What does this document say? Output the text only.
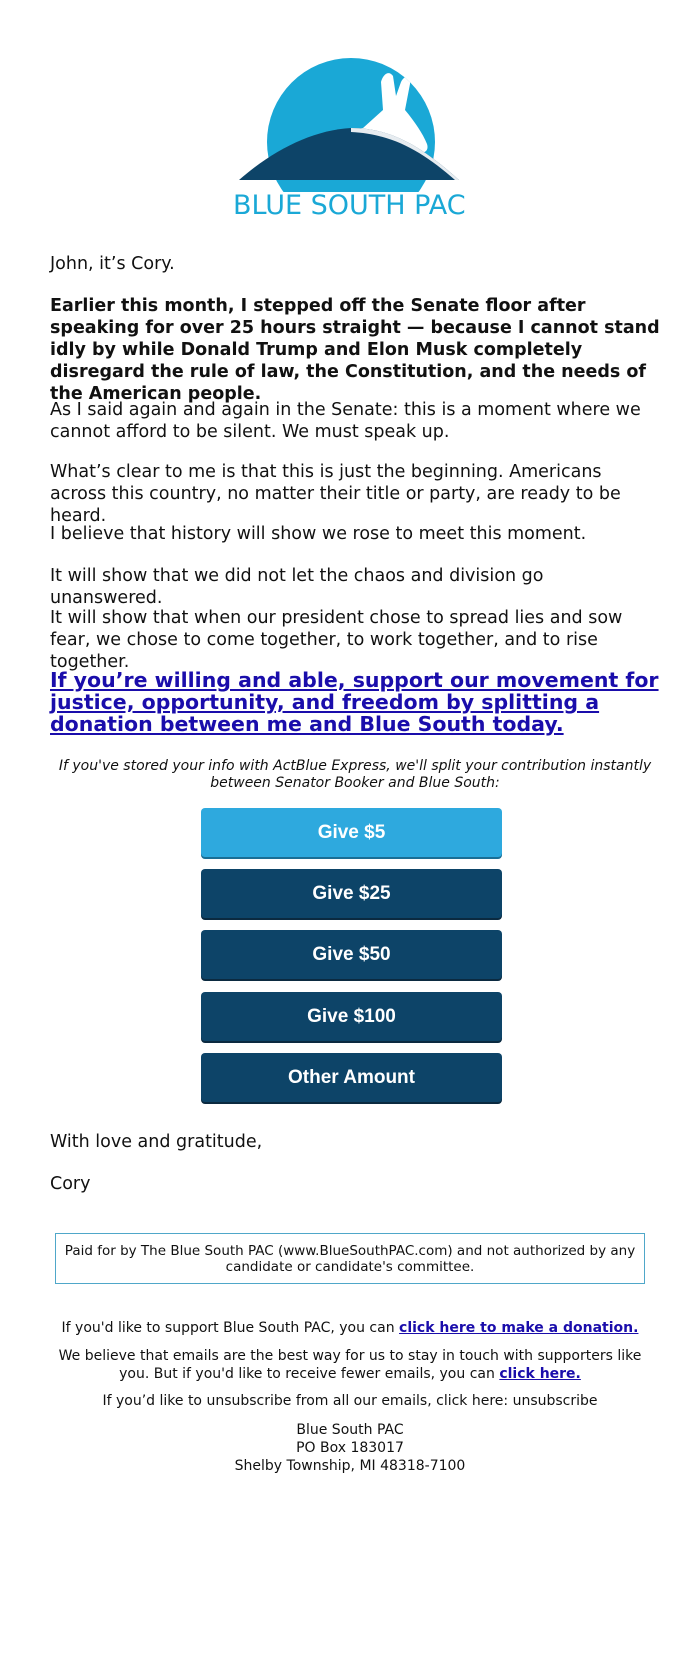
BLUE SOUTH PAC

John, it’s Cory.

Earlier this month, I stepped off the Senate floor after speaking for over 25 hours straight — because I cannot stand idly by while Donald Trump and Elon Musk completely disregard the rule of law, the Constitution, and the needs of the American people.

As I said again and again in the Senate: this is a moment where we cannot afford to be silent. We must speak up.

What’s clear to me is that this is just the beginning. Americans across this country, no matter their title or party, are ready to be heard.

I believe that history will show we rose to meet this moment.

It will show that we did not let the chaos and division go unanswered.

It will show that when our president chose to spread lies and sow fear, we chose to come together, to work together, and to rise together.

If you’re willing and able, support our movement for justice, opportunity, and freedom by splitting a donation between me and Blue South today.
If you've stored your info with ActBlue Express, we'll split your contribution instantly between Senator Booker and Blue South:
Give $5
Give $25
Give $50
Give $100
Other Amount

With love and gratitude,

Cory

Paid for by The Blue South PAC (www.BlueSouthPAC.com) and not authorized by any candidate or candidate's committee.

If you'd like to support Blue South PAC, you can click here to make a donation.

We believe that emails are the best way for us to stay in touch with supporters like you. But if you'd like to receive fewer emails, you can click here.

If you’d like to unsubscribe from all our emails, click here: unsubscribe

Blue South PAC

PO Box 183017

Shelby Township, MI 48318-7100
